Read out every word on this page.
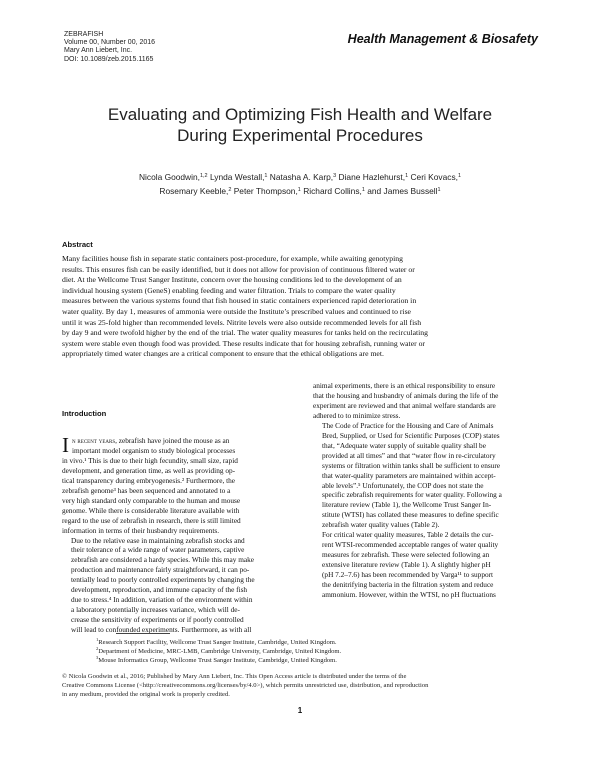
ZEBRAFISH
Volume 00, Number 00, 2016
Mary Ann Liebert, Inc.
DOI: 10.1089/zeb.2015.1165
Health Management & Biosafety
Evaluating and Optimizing Fish Health and Welfare
During Experimental Procedures
Nicola Goodwin,$^{1,2}$ Lynda Westall,$^1$ Natasha A. Karp,$^3$ Diane Hazlehurst,$^1$ Ceri Kovacs,$^1$
Rosemary Keeble,$^2$ Peter Thompson,$^1$ Richard Collins,$^1$ and James Bussell$^1$
Abstract
Many facilities house fish in separate static containers post-procedure, for example, while awaiting genotyping
results. This ensures fish can be easily identified, but it does not allow for provision of continuous filtered water or
diet. At the Wellcome Trust Sanger Institute, concern over the housing conditions led to the development of an
individual housing system (GeneS) enabling feeding and water filtration. Trials to compare the water quality
measures between the various systems found that fish housed in static containers experienced rapid deterioration in
water quality. By day 1, measures of ammonia were outside the Institute’s prescribed values and continued to rise
until it was 25-fold higher than recommended levels. Nitrite levels were also outside recommended levels for all fish
by day 9 and were twofold higher by the end of the trial. The water quality measures for tanks held on the recirculating
system were stable even though food was provided. These results indicate that for housing zebrafish, running water or
appropriately timed water changes are a critical component to ensure that the ethical obligations are met.
Introduction

In recent years, zebrafish have joined the mouse as an
important model organism to study biological processes
in vivo.¹ This is due to their high fecundity, small size, rapid
development, and generation time, as well as providing op-
tical transparency during embryogenesis.² Furthermore, the
zebrafish genome³ has been sequenced and annotated to a
very high standard only comparable to the human and mouse
genome. While there is considerable literature available with
regard to the use of zebrafish in research, there is still limited
information in terms of their husbandry requirements.

Due to the relative ease in maintaining zebrafish stocks and
their tolerance of a wide range of water parameters, captive
zebrafish are considered a hardy species. While this may make
production and maintenance fairly straightforward, it can po-
tentially lead to poorly controlled experiments by changing the
development, reproduction, and immune capacity of the fish
due to stress.⁴ In addition, variation of the environment within
a laboratory potentially increases variance, which will de-
crease the sensitivity of experiments or if poorly controlled
will lead to confounded experiments. Furthermore, as with all

animal experiments, there is an ethical responsibility to ensure
that the housing and husbandry of animals during the life of the
experiment are reviewed and that animal welfare standards are
adhered to to minimize stress.

The Code of Practice for the Housing and Care of Animals
Bred, Supplied, or Used for Scientific Purposes (COP) states
that, “Adequate water supply of suitable quality shall be
provided at all times” and that “water flow in re-circulatory
systems or filtration within tanks shall be sufficient to ensure
that water-quality parameters are maintained within accept-
able levels”.⁵ Unfortunately, the COP does not state the
specific zebrafish requirements for water quality. Following a
literature review (Table 1), the Wellcome Trust Sanger In-
stitute (WTSI) has collated these measures to define specific
zebrafish water quality values (Table 2).

For critical water quality measures, Table 2 details the cur-
rent WTSI-recommended acceptable ranges of water quality
measures for zebrafish. These were selected following an
extensive literature review (Table 1). A slightly higher pH
(pH 7.2–7.6) has been recommended by Varga¹¹ to support
the denitrifying bacteria in the filtration system and reduce
ammonium. However, within the WTSI, no pH fluctuations

$^1$Research Support Facility, Wellcome Trust Sanger Institute, Cambridge, United Kingdom.
$^2$Department of Medicine, MRC-LMB, Cambridge University, Cambridge, United Kingdom.
$^3$Mouse Informatics Group, Wellcome Trust Sanger Institute, Cambridge, United Kingdom.
© Nicola Goodwin et al., 2016; Published by Mary Ann Liebert, Inc. This Open Access article is distributed under the terms of the
Creative Commons License (<http://creativecommons.org/licenses/by/4.0>), which permits unrestricted use, distribution, and reproduction
in any medium, provided the original work is properly credited.
1
